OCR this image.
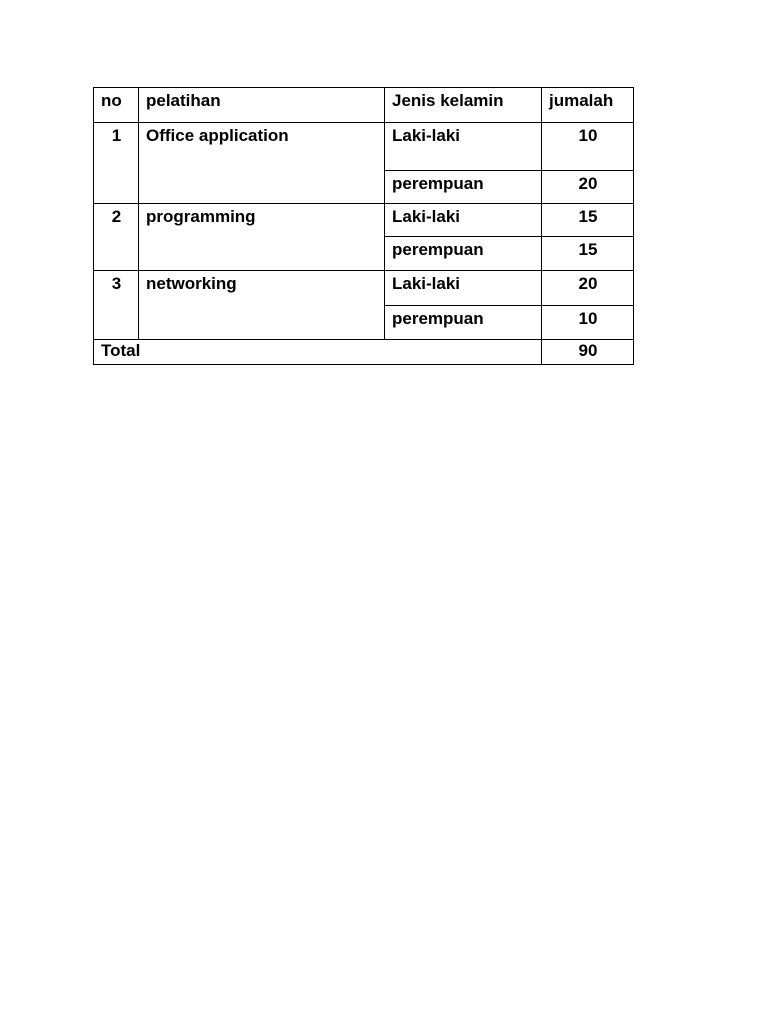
no	pelatihan	Jenis kelamin	jumalah
1	Office application	Laki-laki	10
		perempuan	20
2	programming	Laki-laki	15
		perempuan	15
3	networking	Laki-laki	20
		perempuan	10
Total			90
